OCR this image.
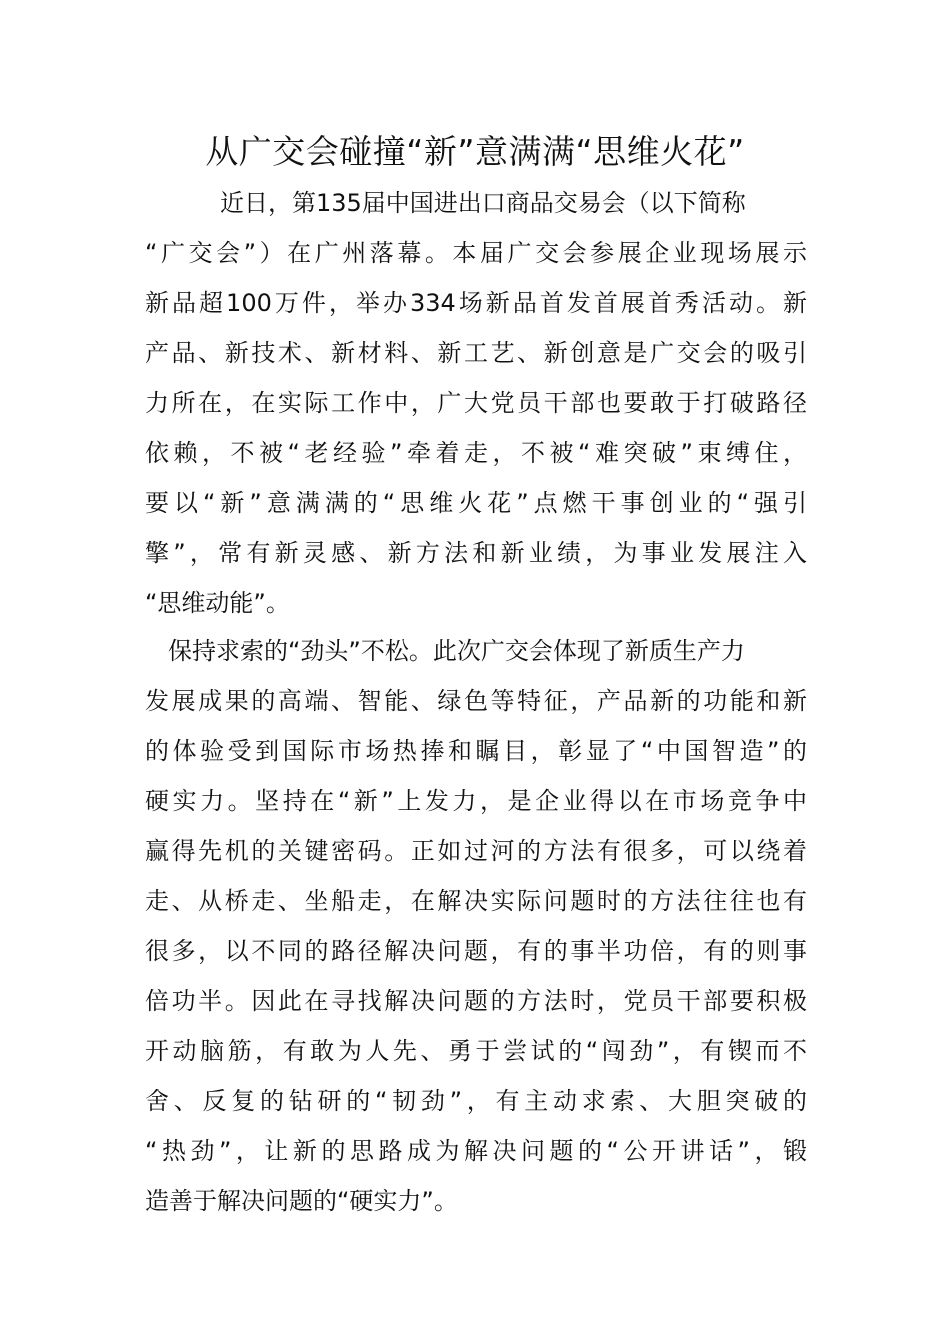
从广交会碰撞“新”意满满“思维火花”
近日，第135届中国进出口商品交易会（以下简称
“广交会”）在广州落幕。本届广交会参展企业现场展示
新品超100万件，举办334场新品首发首展首秀活动。新
产品、新技术、新材料、新工艺、新创意是广交会的吸引
力所在，在实际工作中，广大党员干部也要敢于打破路径
依赖，不被“老经验”牵着走，不被“难突破”束缚住，
要以“新”意满满的“思维火花”点燃干事创业的“强引
擎”，常有新灵感、新方法和新业绩，为事业发展注入
“思维动能”。
保持求索的“劲头”不松。此次广交会体现了新质生产力
发展成果的高端、智能、绿色等特征，产品新的功能和新
的体验受到国际市场热捧和瞩目，彰显了“中国智造”的
硬实力。坚持在“新”上发力，是企业得以在市场竞争中
赢得先机的关键密码。正如过河的方法有很多，可以绕着
走、从桥走、坐船走，在解决实际问题时的方法往往也有
很多，以不同的路径解决问题，有的事半功倍，有的则事
倍功半。因此在寻找解决问题的方法时，党员干部要积极
开动脑筋，有敢为人先、勇于尝试的“闯劲”，有锲而不
舍、反复的钻研的“韧劲”，有主动求索、大胆突破的
“热劲”，让新的思路成为解决问题的“公开讲话”，锻
造善于解决问题的“硬实力”。
